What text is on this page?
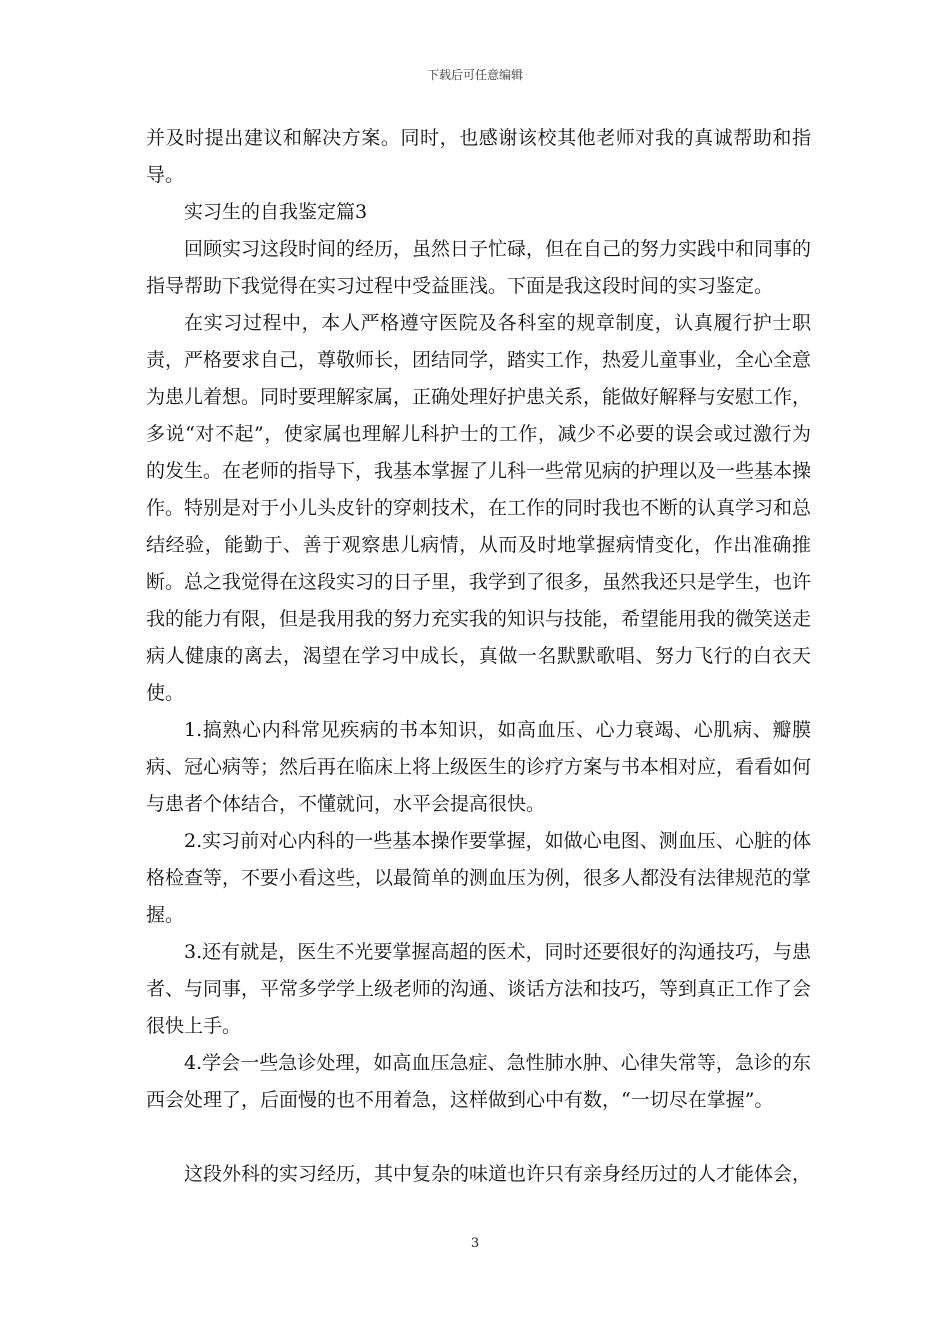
下载后可任意编辑

并及时提出建议和解决方案。同时，也感谢该校其他老师对我的真诚帮助和指导。

实习生的自我鉴定篇3

回顾实习这段时间的经历，虽然日子忙碌，但在自己的努力实践中和同事的指导帮助下我觉得在实习过程中受益匪浅。下面是我这段时间的实习鉴定。

在实习过程中，本人严格遵守医院及各科室的规章制度，认真履行护士职责，严格要求自己，尊敬师长，团结同学，踏实工作，热爱儿童事业，全心全意为患儿着想。同时要理解家属，正确处理好护患关系，能做好解释与安慰工作，多说“对不起”，使家属也理解儿科护士的工作，减少不必要的误会或过激行为的发生。在老师的指导下，我基本掌握了儿科一些常见病的护理以及一些基本操作。特别是对于小儿头皮针的穿刺技术，在工作的同时我也不断的认真学习和总结经验，能勤于、善于观察患儿病情，从而及时地掌握病情变化，作出准确推断。总之我觉得在这段实习的日子里，我学到了很多，虽然我还只是学生，也许我的能力有限，但是我用我的努力充实我的知识与技能，希望能用我的微笑送走病人健康的离去，渴望在学习中成长，真做一名默默歌唱、努力飞行的白衣天使。

1.搞熟心内科常见疾病的书本知识，如高血压、心力衰竭、心肌病、瓣膜病、冠心病等；然后再在临床上将上级医生的诊疗方案与书本相对应，看看如何与患者个体结合，不懂就问，水平会提高很快。

2.实习前对心内科的一些基本操作要掌握，如做心电图、测血压、心脏的体格检查等，不要小看这些，以最简单的测血压为例，很多人都没有法律规范的掌握。

3.还有就是，医生不光要掌握高超的医术，同时还要很好的沟通技巧，与患者、与同事，平常多学学上级老师的沟通、谈话方法和技巧，等到真正工作了会很快上手。

4.学会一些急诊处理，如高血压急症、急性肺水肿、心律失常等，急诊的东西会处理了，后面慢的也不用着急，这样做到心中有数，“一切尽在掌握”。

这段外科的实习经历，其中复杂的味道也许只有亲身经历过的人才能体会，

3
